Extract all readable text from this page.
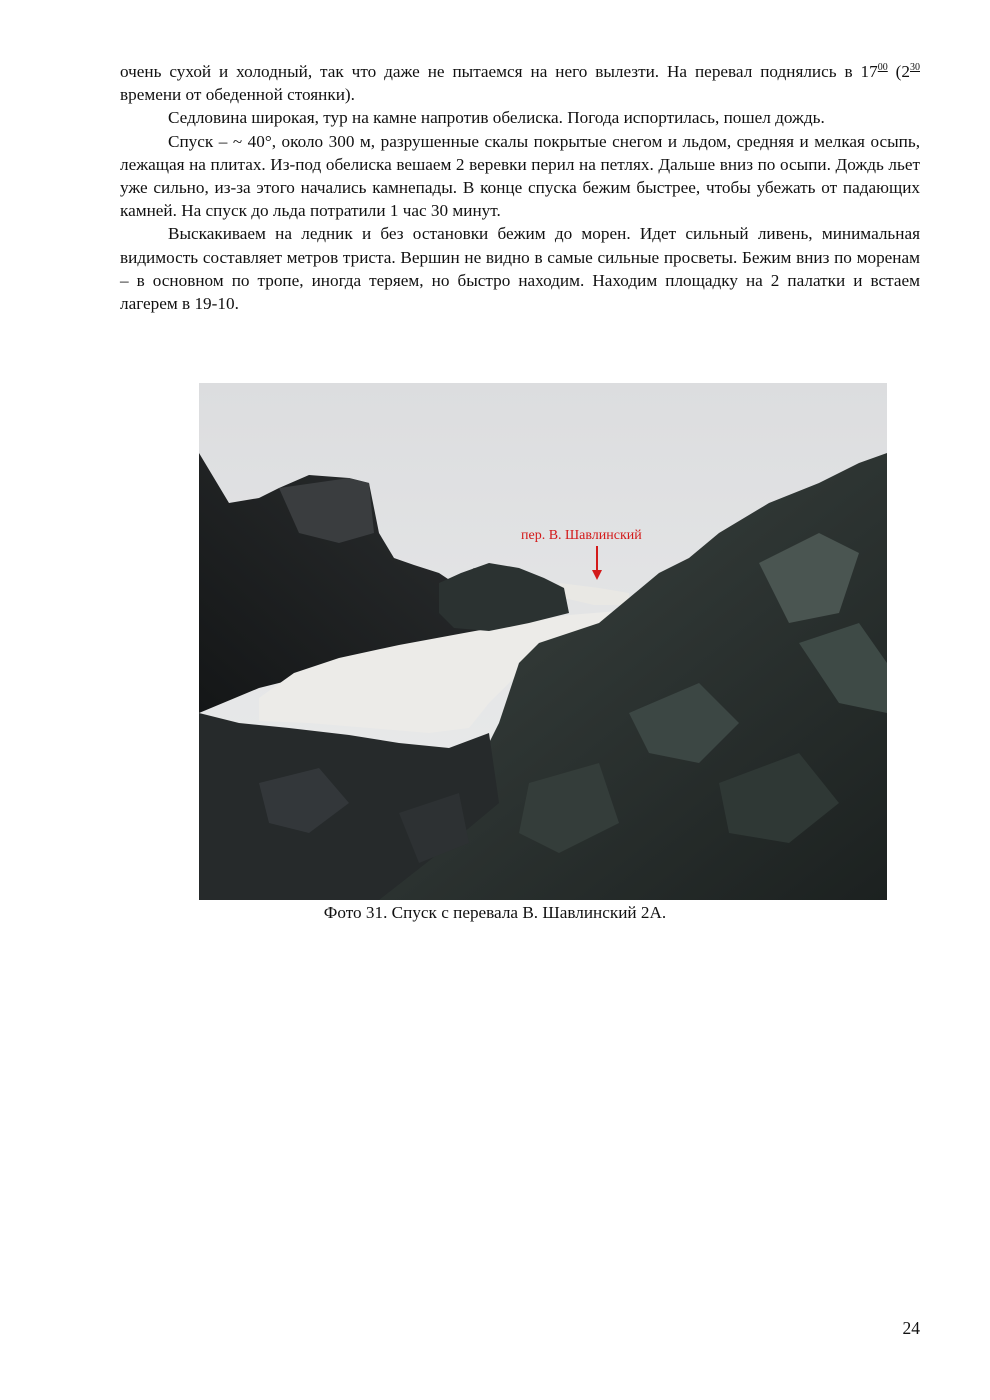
очень сухой и холодный, так что даже не пытаемся на него вылезти. На перевал поднялись в $17^{00}$ ($2^{30}$ времени от обеденной стоянки).

Седловина широкая, тур на камне напротив обелиска. Погода испортилась, пошел дождь.

Спуск – ~ 40°, около 300 м, разрушенные скалы покрытые снегом и льдом, средняя и мелкая осыпь, лежащая на плитах. Из-под обелиска вешаем 2 веревки перил на петлях. Дальше вниз по осыпи. Дождь льет уже сильно, из-за этого начались камнепады. В конце спуска бежим быстрее, чтобы убежать от падающих камней. На спуск до льда потратили 1 час 30 минут.

Выскакиваем на ледник и без остановки бежим до морен. Идет сильный ливень, минимальная видимость составляет метров триста. Вершин не видно в самые сильные просветы. Бежим вниз по моренам – в основном по тропе, иногда теряем, но быстро находим. Находим площадку на 2 палатки и встаем лагерем в 19-10.

пер. В. Шавлинский
Фото 31. Спуск с перевала В. Шавлинский 2А.
24
